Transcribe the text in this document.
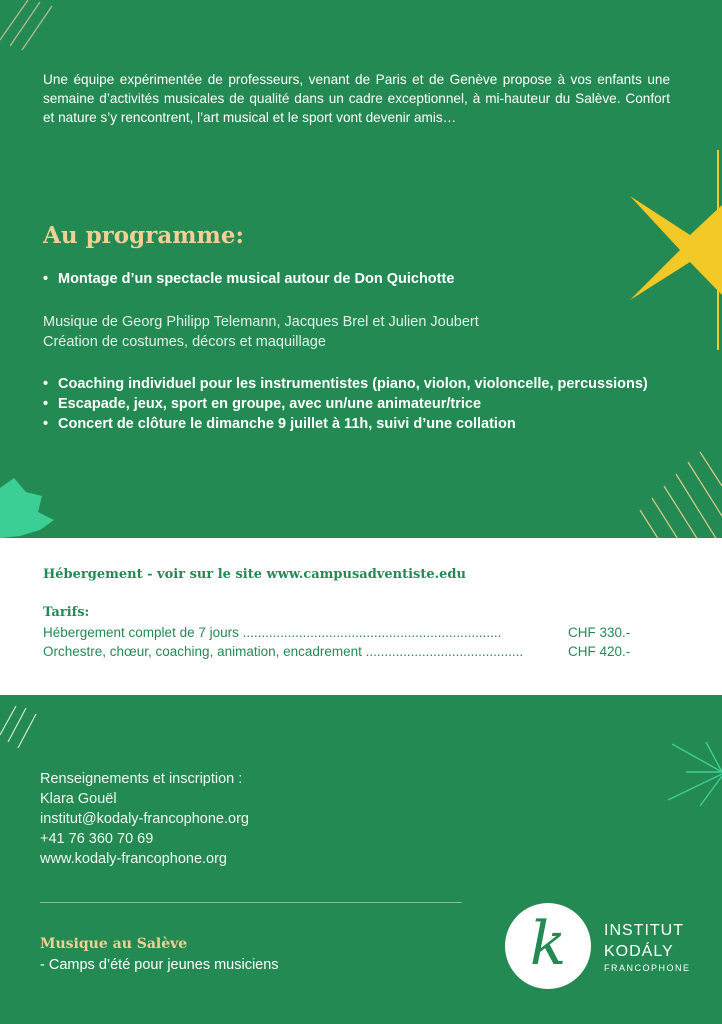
Une équipe expérimentée de professeurs, venant de Paris et de Genève propose à vos enfants une semaine d’activités musicales de qualité dans un cadre exceptionnel, à mi-hauteur du Salève. Confort et nature s’y rencontrent, l’art musical et le sport vont devenir amis…

Au programme:
• Montage d’un spectacle musical autour de Don Quichotte
Musique de Georg Philipp Telemann, Jacques Brel et Julien Joubert
Création de costumes, décors et maquillage
• Coaching individuel pour les instrumentistes (piano, violon, violoncelle, percussions)
• Escapade, jeux, sport en groupe, avec un/une animateur/trice
• Concert de clôture le dimanche 9 juillet à 11h, suivi d’une collation
Hébergement - voir sur le site www.campusadventiste.edu
Tarifs:
Hébergement complet de 7 jours .....................................................................	CHF 330.-
Orchestre, chœur, coaching, animation, encadrement ..........................................	CHF 420.-
Renseignements et inscription :
Klara Gouël
institut@kodaly-francophone.org
+41 76 360 70 69
www.kodaly-francophone.org
Musique au Salève
- Camps d’été pour jeunes musiciens	k	INSTITUT
KODÁLY
FRANCOPHONE
